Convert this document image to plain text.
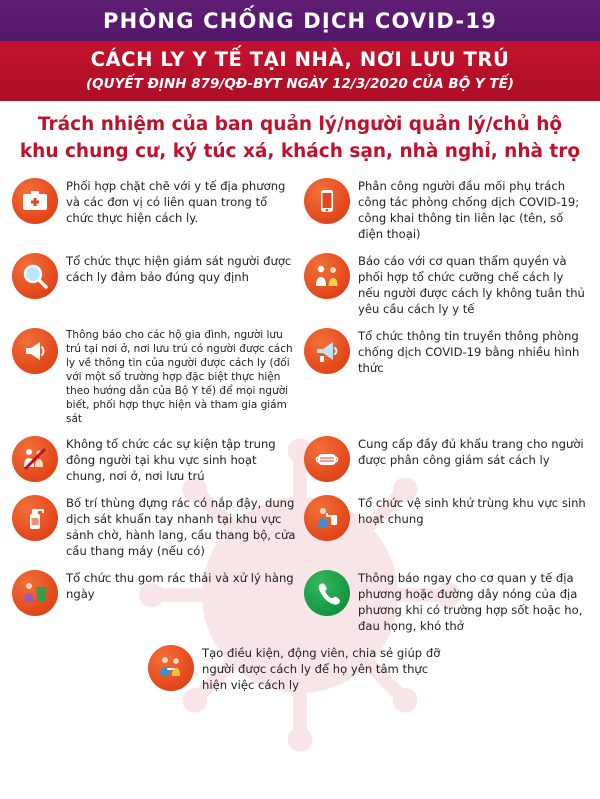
PHÒNG CHỐNG DỊCH COVID-19
CÁCH LY Y TẾ TẠI NHÀ, NƠI LƯU TRÚ
(QUYẾT ĐỊNH 879/QĐ-BYT NGÀY 12/3/2020 CỦA BỘ Y TẾ)
Trách nhiệm của ban quản lý/người quản lý/chủ hộ
khu chung cư, ký túc xá, khách sạn, nhà nghỉ, nhà trọ
Phối hợp chặt chẽ với y tế địa phương và các đơn vị có liên quan trong tổ chức thực hiện cách ly.
Phân công người đầu mối phụ trách công tác phòng chống dịch COVID-19; công khai thông tin liên lạc (tên, số điện thoại)
Tổ chức thực hiện giám sát người được cách ly đảm bảo đúng quy định
Báo cáo với cơ quan thẩm quyền và phối hợp tổ chức cưỡng chế cách ly nếu người được cách ly không tuân thủ yêu cầu cách ly y tế
Thông báo cho các hộ gia đình, người lưu trú tại nơi ở, nơi lưu trú có người được cách ly về thông tin của người được cách ly (đối với một số trường hợp đặc biệt thực hiện theo hướng dẫn của Bộ Y tế) để mọi người biết, phối hợp thực hiện và tham gia giám sát
Tổ chức thông tin truyền thông phòng chống dịch COVID-19 bằng nhiều hình thức
Không tổ chức các sự kiện tập trung đông người tại khu vực sinh hoạt chung, nơi ở, nơi lưu trú
Cung cấp đầy đủ khẩu trang cho người được phân công giám sát cách ly
Bố trí thùng đựng rác có nắp đậy, dung dịch sát khuẩn tay nhanh tại khu vực sảnh chờ, hành lang, cầu thang bộ, cửa cầu thang máy (nếu có)
Tổ chức vệ sinh khử trùng khu vực sinh hoạt chung
Tổ chức thu gom rác thải và xử lý hàng ngày
Thông báo ngay cho cơ quan y tế địa phương hoặc đường dây nóng của địa phương khi có trường hợp sốt hoặc ho, đau họng, khó thở
Tạo điều kiện, động viên, chia sẻ giúp đỡ người được cách ly để họ yên tâm thực hiện việc cách ly
